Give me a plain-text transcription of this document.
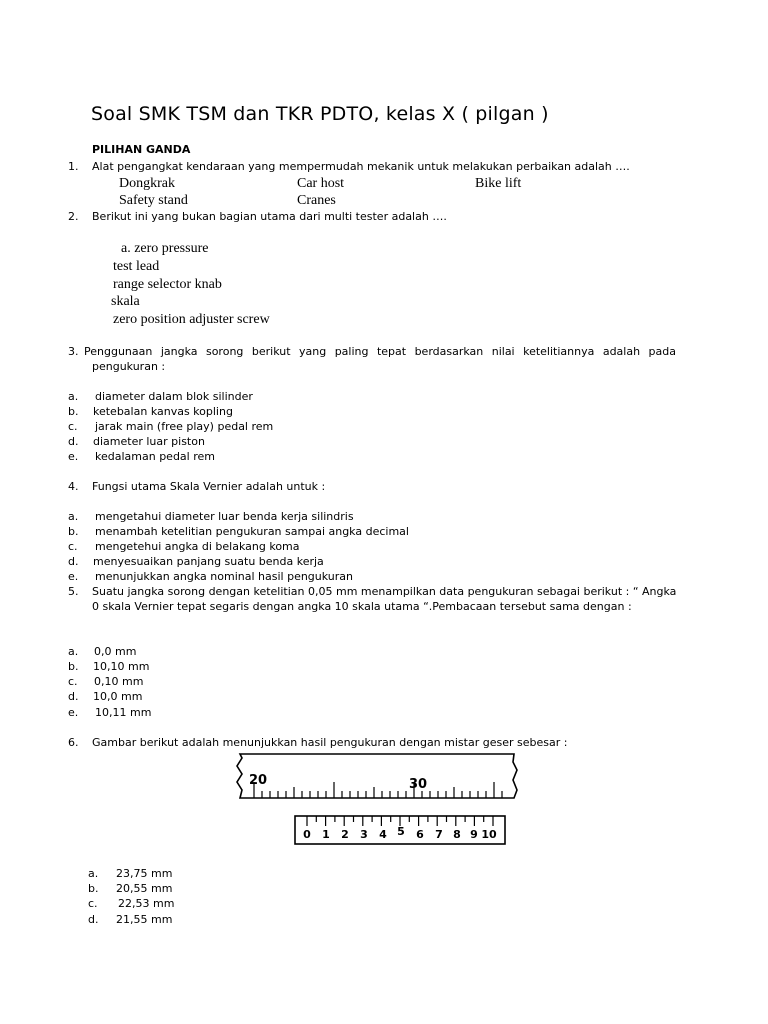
Soal SMK TSM dan TKR PDTO, kelas X ( pilgan )
PILIHAN GANDA
1. Alat pengangkat kendaraan yang mempermudah mekanik untuk melakukan perbaikan adalah ….
Dongkrak	Car host	Bike lift
Safety stand	Cranes
2. Berikut ini yang bukan bagian utama dari multi tester adalah ….
a. zero pressure
test lead
range selector knab
skala
zero position adjuster screw
3. Penggunaan jangka sorong berikut yang paling tepat berdasarkan nilai ketelitiannya adalah pada
pengukuran :
a. diameter dalam blok silinder
b. ketebalan kanvas kopling
c. jarak main (free play) pedal rem
d. diameter luar piston
e. kedalaman pedal rem
4. Fungsi utama Skala Vernier adalah untuk :
a. mengetahui diameter luar benda kerja silindris
b. menambah ketelitian pengukuran sampai angka decimal
c. mengetehui angka di belakang koma
d. menyesuaikan panjang suatu benda kerja
e. menunjukkan angka nominal hasil pengukuran
5. Suatu jangka sorong dengan ketelitian 0,05 mm menampilkan data pengukuran sebagai berikut : “ Angka
0 skala Vernier tepat segaris dengan angka 10 skala utama “.Pembacaan tersebut sama dengan :
a. 0,0 mm
b. 10,10 mm
c. 0,10 mm
d. 10,0 mm
e. 10,11 mm
6. Gambar berikut adalah menunjukkan hasil pengukuran dengan mistar geser sebesar :
20	30
0 1 2 3 4 5 6 7 8 9 10
a. 23,75 mm
b. 20,55 mm
c. 22,53 mm
d. 21,55 mm
